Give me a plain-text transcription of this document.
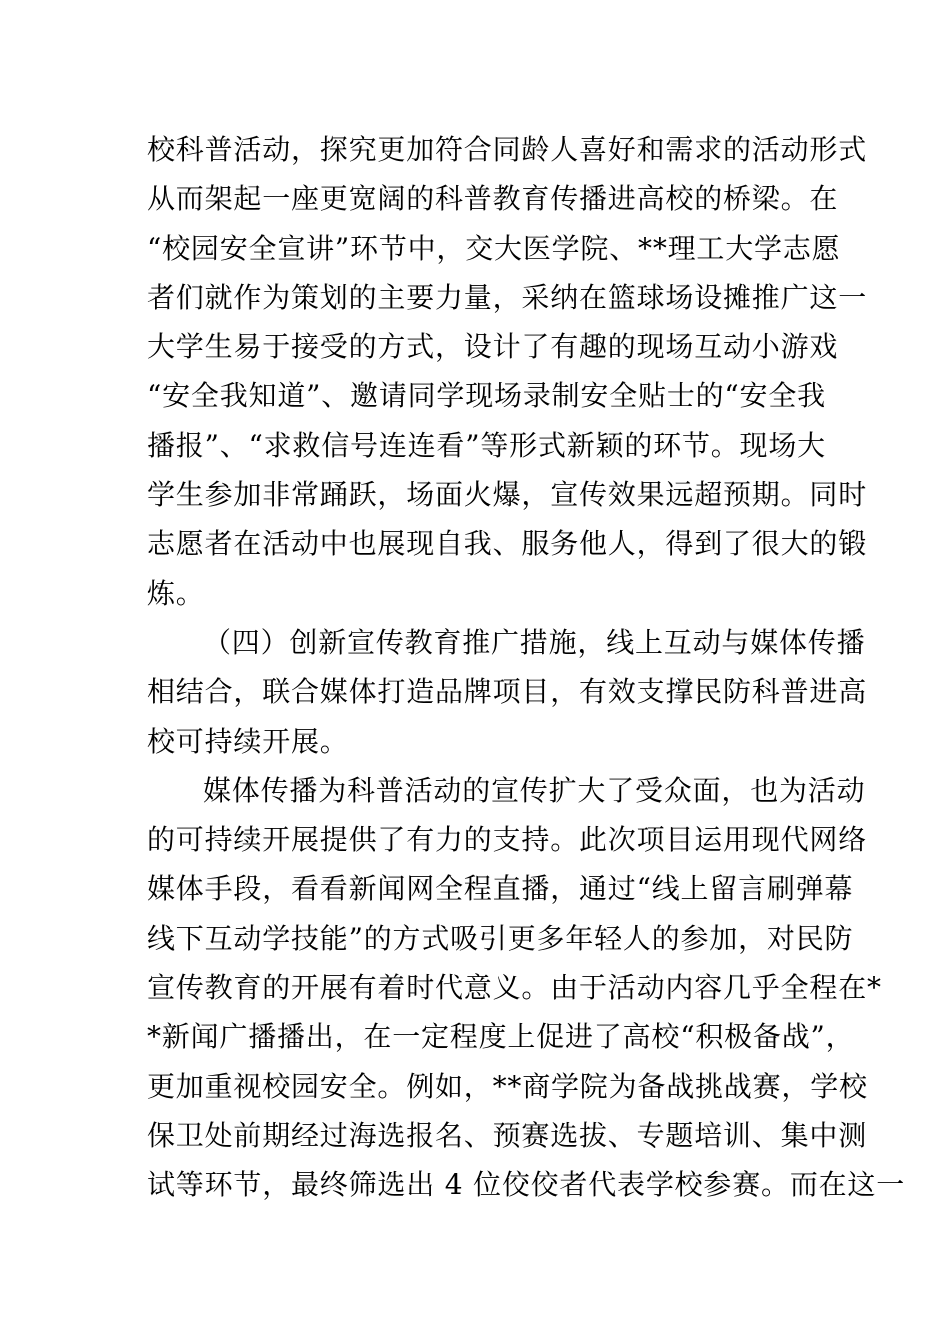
校科普活动，探究更加符合同龄人喜好和需求的活动形式
从而架起一座更宽阔的科普教育传播进高校的桥梁。在
“校园安全宣讲”环节中，交大医学院、**理工大学志愿
者们就作为策划的主要力量，采纳在篮球场设摊推广这一
大学生易于接受的方式，设计了有趣的现场互动小游戏
“安全我知道”、邀请同学现场录制安全贴士的“安全我
播报”、“求救信号连连看”等形式新颖的环节。现场大
学生参加非常踊跃，场面火爆，宣传效果远超预期。同时
志愿者在活动中也展现自我、服务他人，得到了很大的锻
炼。
（四）创新宣传教育推广措施，线上互动与媒体传播
相结合，联合媒体打造品牌项目，有效支撑民防科普进高
校可持续开展。
媒体传播为科普活动的宣传扩大了受众面，也为活动
的可持续开展提供了有力的支持。此次项目运用现代网络
媒体手段，看看新闻网全程直播，通过“线上留言刷弹幕
线下互动学技能”的方式吸引更多年轻人的参加，对民防
宣传教育的开展有着时代意义。由于活动内容几乎全程在*
*新闻广播播出，在一定程度上促进了高校“积极备战”，
更加重视校园安全。例如，**商学院为备战挑战赛，学校
保卫处前期经过海选报名、预赛选拔、专题培训、集中测
试等环节，最终筛选出 4 位佼佼者代表学校参赛。而在这一
